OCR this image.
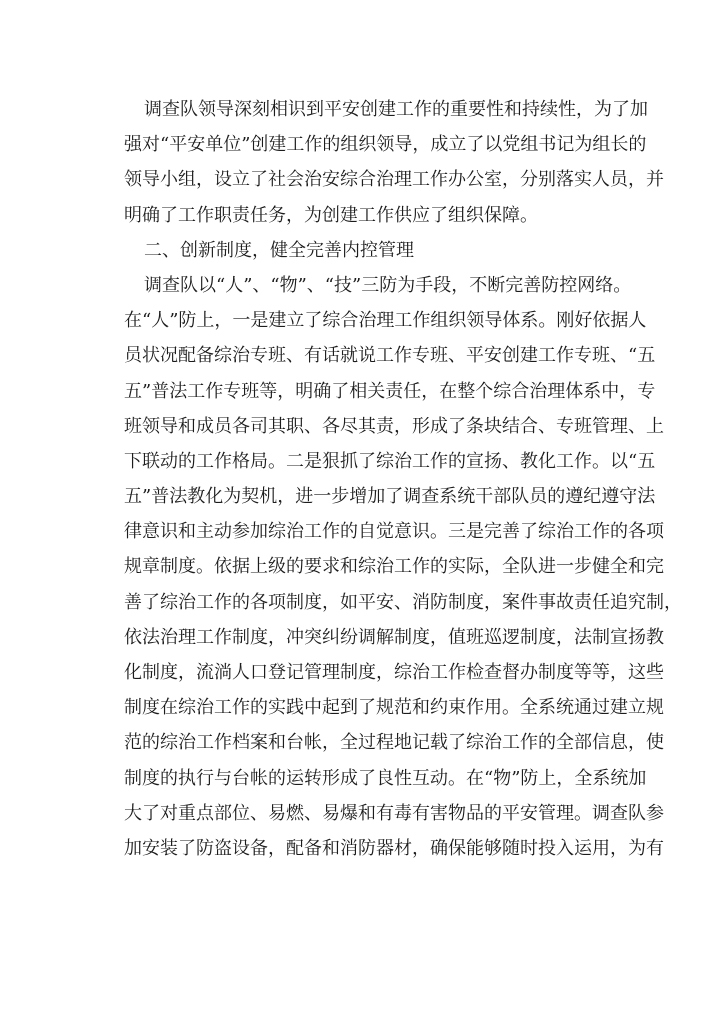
调查队领导深刻相识到平安创建工作的重要性和持续性，为了加
强对“平安单位”创建工作的组织领导，成立了以党组书记为组长的
领导小组，设立了社会治安综合治理工作办公室，分别落实人员，并
明确了工作职责任务，为创建工作供应了组织保障。
二、创新制度，健全完善内控管理
调查队以“人”、“物”、“技”三防为手段，不断完善防控网络。
在“人”防上，一是建立了综合治理工作组织领导体系。刚好依据人
员状况配备综治专班、有话就说工作专班、平安创建工作专班、“五
五”普法工作专班等，明确了相关责任，在整个综合治理体系中，专
班领导和成员各司其职、各尽其责，形成了条块结合、专班管理、上
下联动的工作格局。二是狠抓了综治工作的宣扬、教化工作。以“五
五”普法教化为契机，进一步增加了调查系统干部队员的遵纪遵守法
律意识和主动参加综治工作的自觉意识。三是完善了综治工作的各项
规章制度。依据上级的要求和综治工作的实际，全队进一步健全和完
善了综治工作的各项制度，如平安、消防制度，案件事故责任追究制，
依法治理工作制度，冲突纠纷调解制度，值班巡逻制度，法制宣扬教
化制度，流淌人口登记管理制度，综治工作检查督办制度等等，这些
制度在综治工作的实践中起到了规范和约束作用。全系统通过建立规
范的综治工作档案和台帐，全过程地记载了综治工作的全部信息，使
制度的执行与台帐的运转形成了良性互动。在“物”防上，全系统加
大了对重点部位、易燃、易爆和有毒有害物品的平安管理。调查队参
加安装了防盗设备，配备和消防器材，确保能够随时投入运用，为有
